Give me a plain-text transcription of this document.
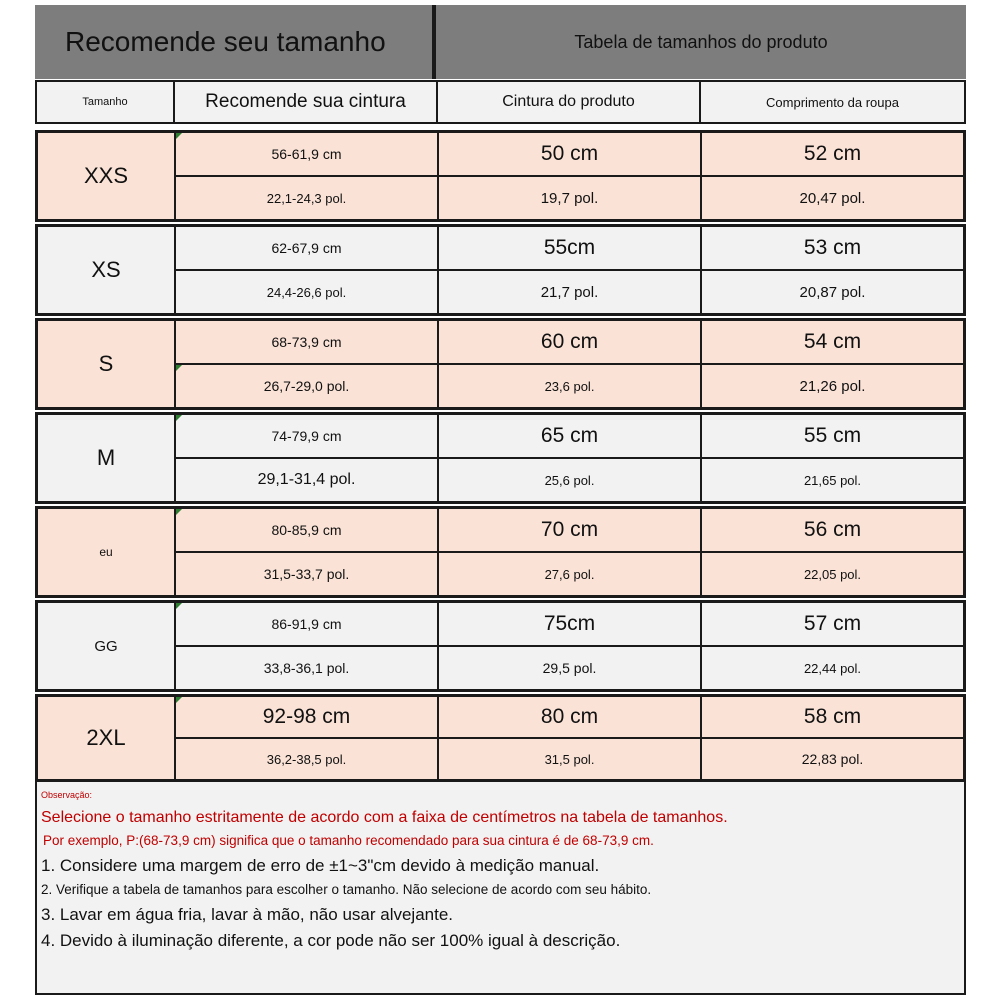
Recomende seu tamanho	Tabela de tamanhos do produto
Tamanho	Recomende sua cintura	Cintura do produto	Comprimento da roupa
XXS
56-61,9 cm	50 cm	52 cm
22,1-24,3 pol.	19,7 pol.	20,47 pol.
XS
62-67,9 cm	55cm	53 cm
24,4-26,6 pol.	21,7 pol.	20,87 pol.
S
68-73,9 cm	60 cm	54 cm
26,7-29,0 pol.	23,6 pol.	21,26 pol.
M
74-79,9 cm	65 cm	55 cm
29,1-31,4 pol.	25,6 pol.	21,65 pol.
eu
80-85,9 cm	70 cm	56 cm
31,5-33,7 pol.	27,6 pol.	22,05 pol.
GG
86-91,9 cm	75cm	57 cm
33,8-36,1 pol.	29,5 pol.	22,44 pol.
2XL
92-98 cm	80 cm	58 cm
36,2-38,5 pol.	31,5 pol.	22,83 pol.
Observação:
Selecione o tamanho estritamente de acordo com a faixa de centímetros na tabela de tamanhos.
Por exemplo, P:(68-73,9 cm) significa que o tamanho recomendado para sua cintura é de 68-73,9 cm.
1. Considere uma margem de erro de ±1~3"cm devido à medição manual.
2. Verifique a tabela de tamanhos para escolher o tamanho. Não selecione de acordo com seu hábito.
3. Lavar em água fria, lavar à mão, não usar alvejante.
4. Devido à iluminação diferente, a cor pode não ser 100% igual à descrição.
